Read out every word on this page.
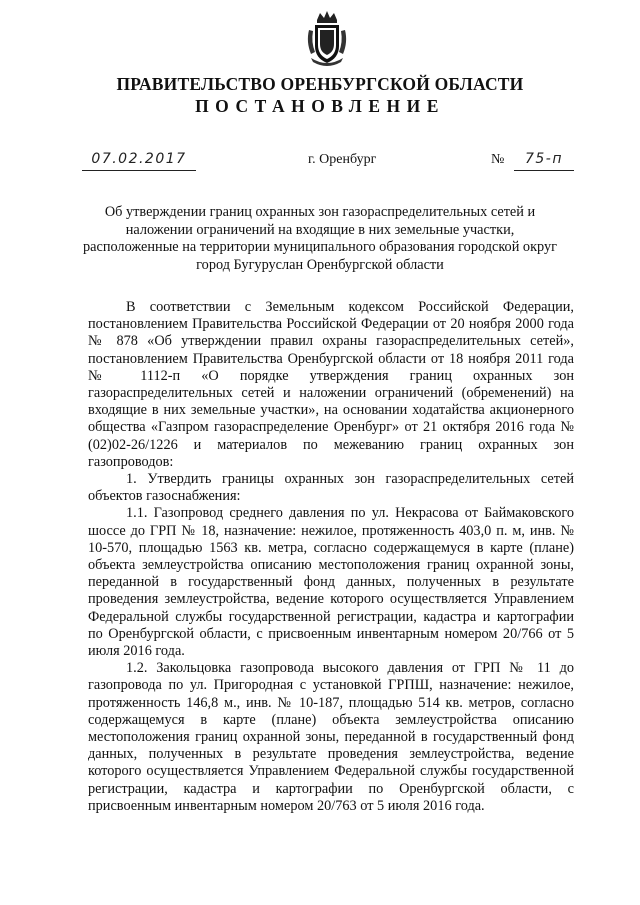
ПРАВИТЕЛЬСТВО ОРЕНБУРГСКОЙ ОБЛАСТИ
ПОСТАНОВЛЕНИЕ
07.02.2017	г. Оренбург	№	75-п
Об утверждении границ охранных зон газораспределительных сетей и наложении ограничений на входящие в них земельные участки, расположенные на территории муниципального образования городской округ город Бугуруслан Оренбургской области

В соответствии с Земельным кодексом Российской Федерации, постановлением Правительства Российской Федерации от 20 ноября 2000 года № 878 «Об утверждении правил охраны газораспределительных сетей», постановлением Правительства Оренбургской области от 18 ноября 2011 года № 1112-п «О порядке утверждения границ охранных зон газораспределительных сетей и наложении ограничений (обременений) на входящие в них земельные участки», на основании ходатайства акционерного общества «Газпром газораспределение Оренбург» от 21 октября 2016 года № (02)02-26/1226 и материалов по межеванию границ охранных зон газопроводов:

1. Утвердить границы охранных зон газораспределительных сетей объектов газоснабжения:

1.1. Газопровод среднего давления по ул. Некрасова от Баймаковского шоссе до ГРП № 18, назначение: нежилое, протяженность 403,0 п. м, инв. № 10-570, площадью 1563 кв. метра, согласно содержащемуся в карте (плане) объекта землеустройства описанию местоположения границ охранной зоны, переданной в государственный фонд данных, полученных в результате проведения землеустройства, ведение которого осуществляется Управлением Федеральной службы государственной регистрации, кадастра и картографии по Оренбургской области, с присвоенным инвентарным номером 20/766 от 5 июля 2016 года.

1.2. Закольцовка газопровода высокого давления от ГРП № 11 до газопровода по ул. Пригородная с установкой ГРПШ, назначение: нежилое, протяженность 146,8 м., инв. № 10-187, площадью 514 кв. метров, согласно содержащемуся в карте (плане) объекта землеустройства описанию местоположения границ охранной зоны, переданной в государственный фонд данных, полученных в результате проведения землеустройства, ведение которого осуществляется Управлением Федеральной службы государственной регистрации, кадастра и картографии по Оренбургской области, с присвоенным инвентарным номером 20/763 от 5 июля 2016 года.
